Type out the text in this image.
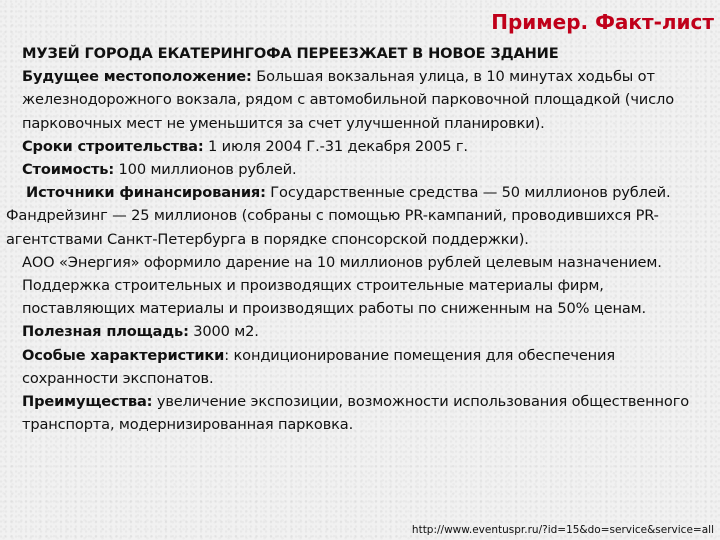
Пример. Факт-лист

МУЗЕЙ ГОРОДА ЕКАТЕРИНГОФА ПЕРЕЕЗЖАЕТ В НОВОЕ ЗДАНИЕ

Будущее местоположение: Большая вокзальная улица, в 10 минутах ходьбы от железнодорожного вокзала, рядом с автомобильной парковочной площадкой (число парковочных мест не уменьшится за счет улучшенной планировки).

Сроки строительства: 1 июля 2004 Г.-31 декабря 2005 г.

Стоимость: 100 миллионов рублей.

Источники финансирования: Государственные средства — 50 миллионов рублей.

Фандрейзинг — 25 миллионов (собраны с помощью PR-кампаний, проводившихся PR-агентствами Санкт-Петербурга в порядке спонсорской поддержки).

АОО «Энергия» оформило дарение на 10 миллионов рублей целевым назначением.

Поддержка строительных и производящих строительные материалы фирм, поставляющих материалы и производящих работы по сниженным на 50% ценам.

Полезная площадь: 3000 м2.

Особые характеристики: кондиционирование помещения для обеспечения сохранности экспонатов.

Преимущества: увеличение экспозиции, возможности использования общественного транспорта, модернизированная парковка.

http://www.eventuspr.ru/?id=15&do=service&service=all
